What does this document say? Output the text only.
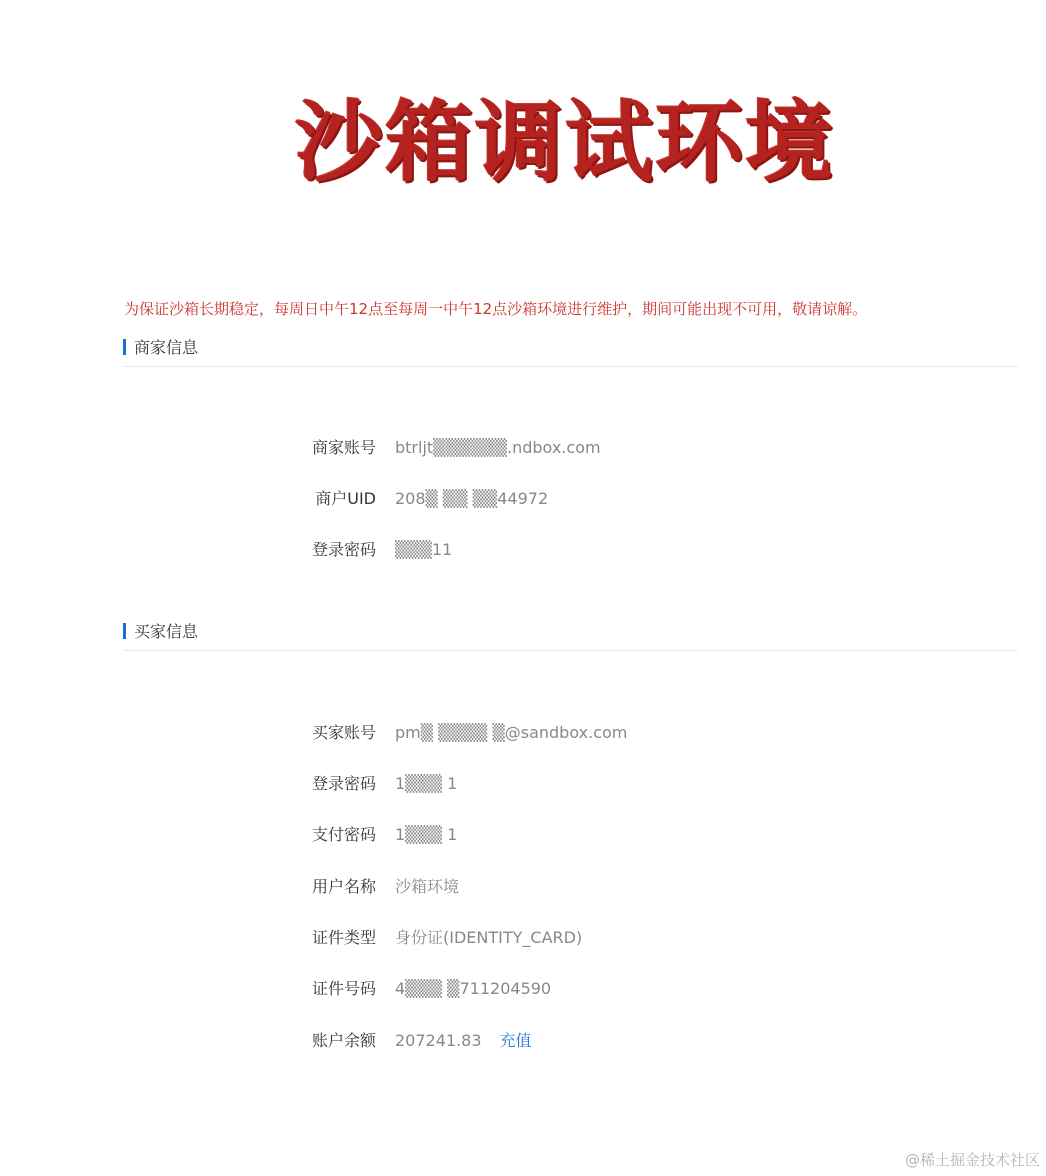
沙箱调试环境
为保证沙箱长期稳定，每周日中午12点至每周一中午12点沙箱环境进行维护，期间可能出现不可用，敬请谅解。
商家信息
商家账号 btrljt▒▒▒▒▒▒.ndbox.com
商户UID 208▒ ▒▒ ▒▒44972
登录密码 ▒▒▒11
买家信息
买家账号 pm▒ ▒▒▒▒ ▒@sandbox.com
登录密码 1▒▒▒ 1
支付密码 1▒▒▒ 1
用户名称 沙箱环境
证件类型 身份证(IDENTITY_CARD)
证件号码 4▒▒▒ ▒711204590
账户余额 207241.83 充值
@稀土掘金技术社区
